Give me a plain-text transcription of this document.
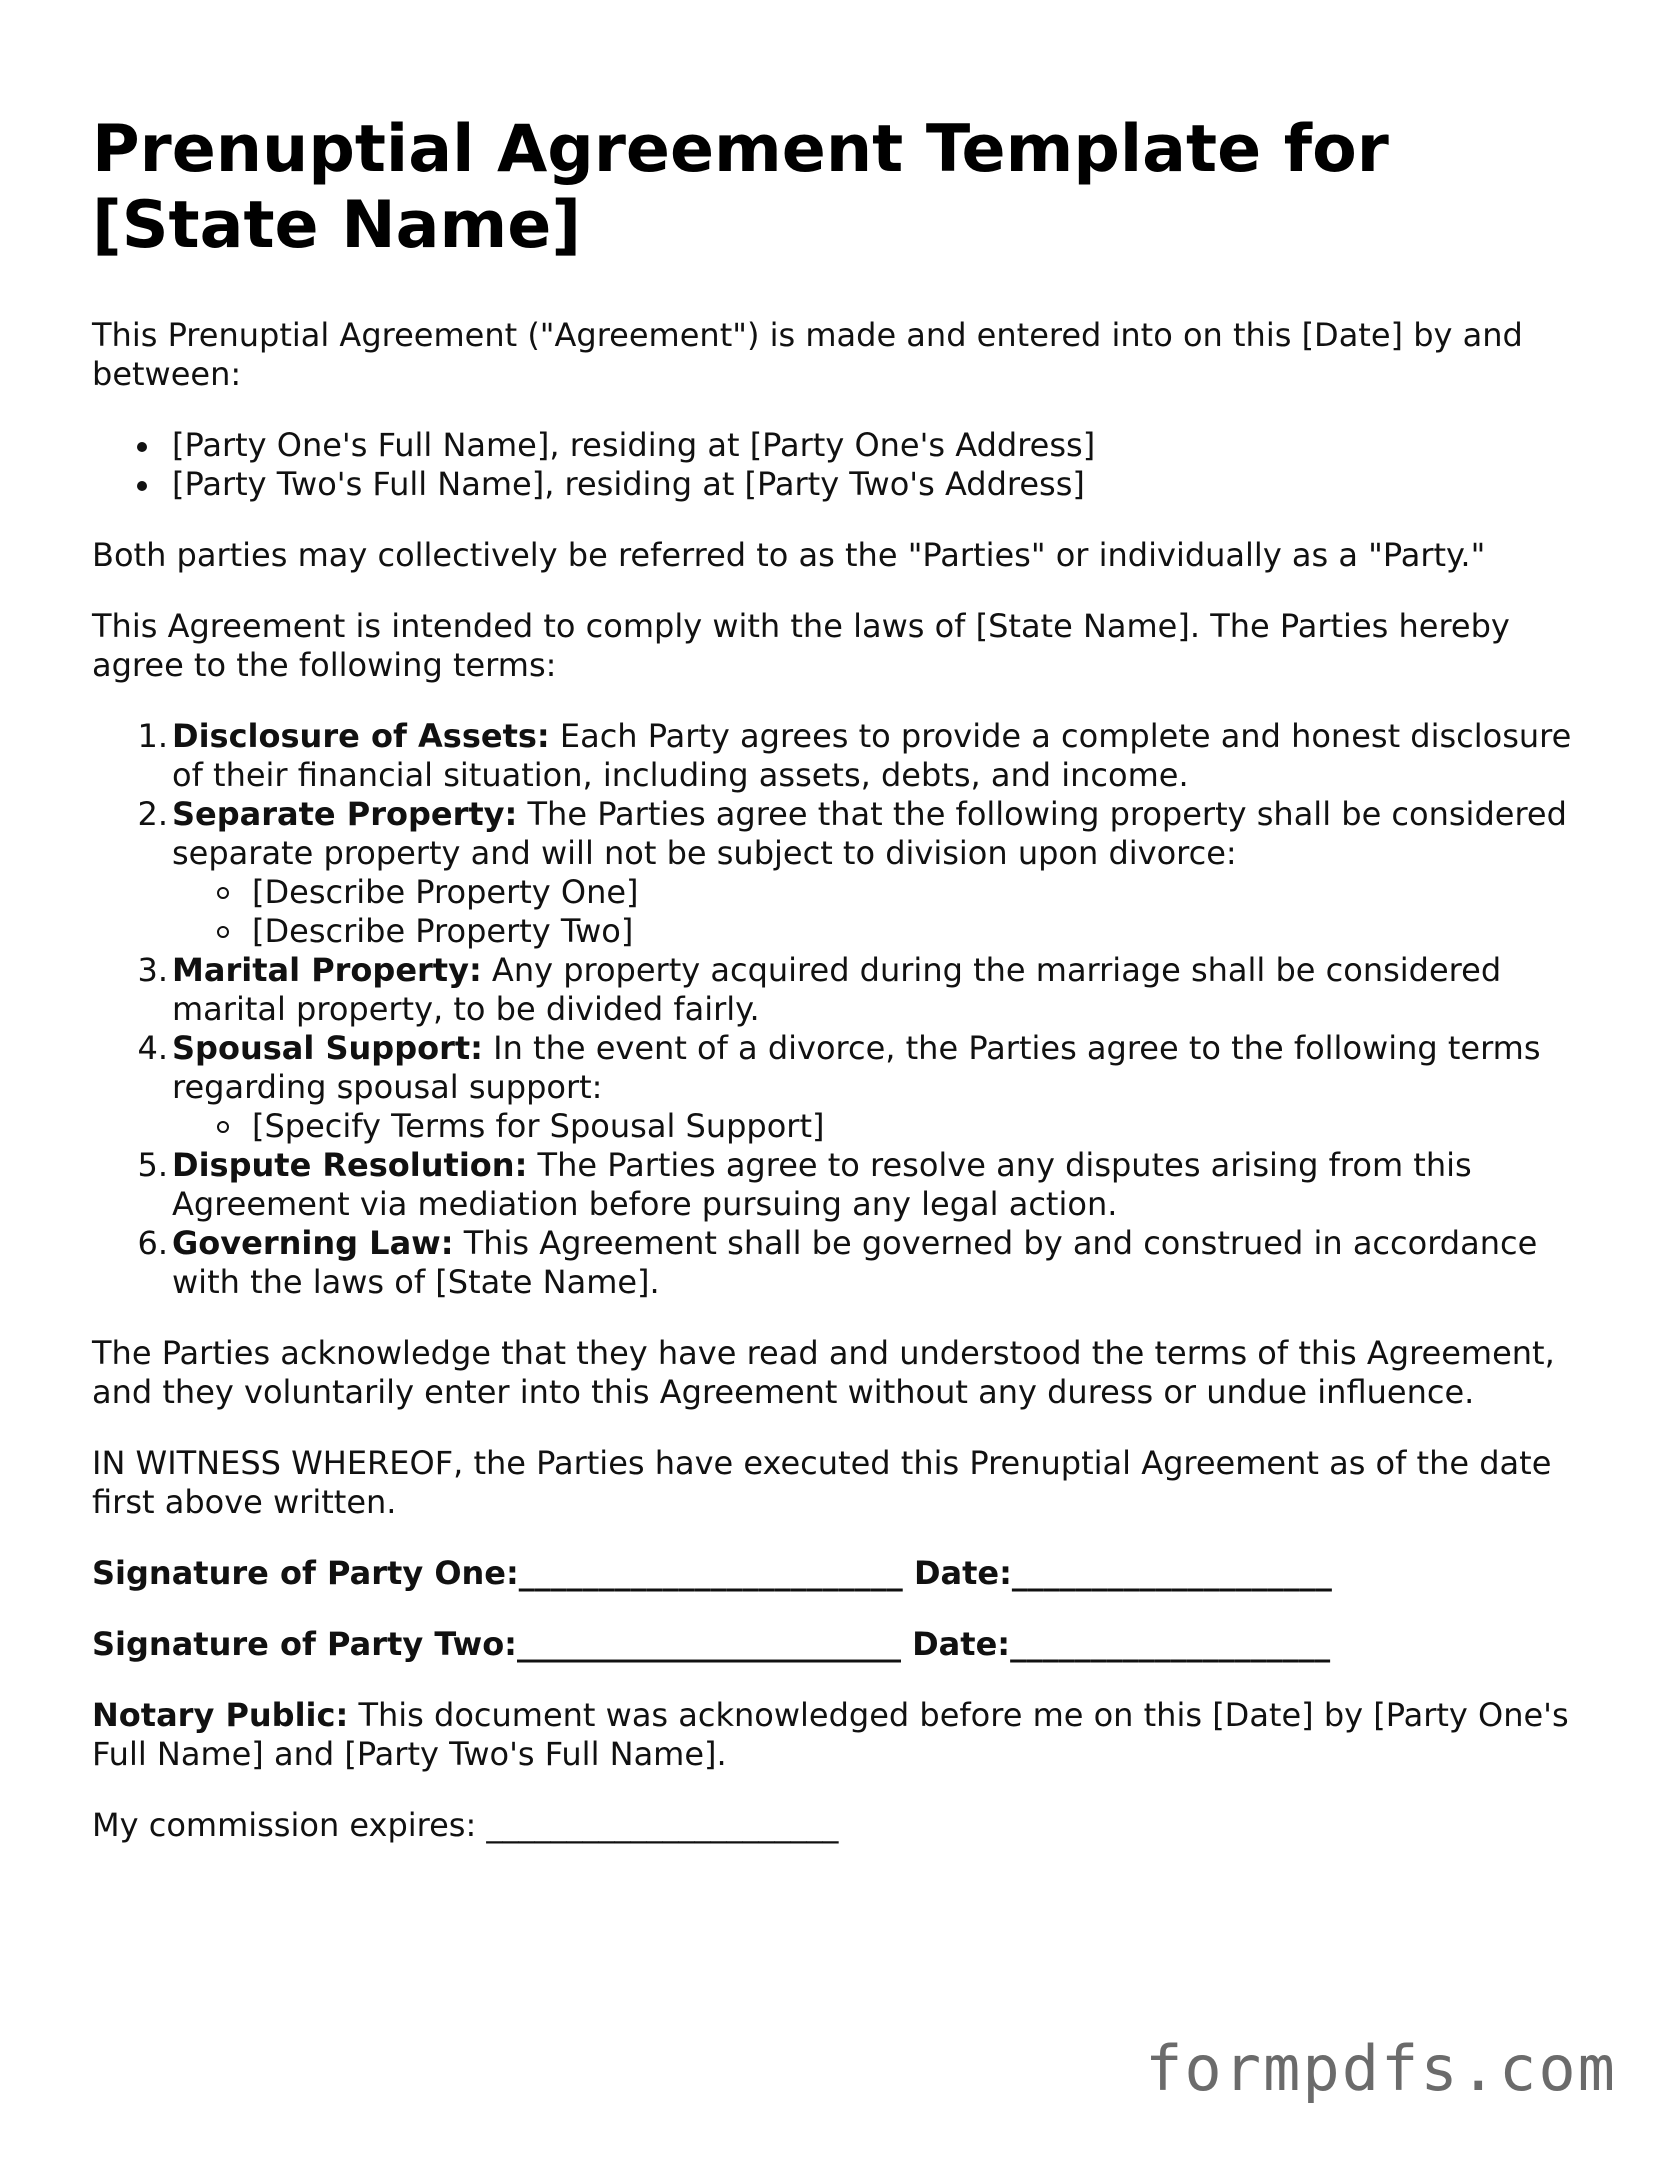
Prenuptial Agreement Template for [State Name]

This Prenuptial Agreement ("Agreement") is made and entered into on this [Date] by and between:

[Party One's Full Name], residing at [Party One's Address]
[Party Two's Full Name], residing at [Party Two's Address]

Both parties may collectively be referred to as the "Parties" or individually as a "Party."

This Agreement is intended to comply with the laws of [State Name]. The Parties hereby agree to the following terms:

1. Disclosure of Assets: Each Party agrees to provide a complete and honest disclosure of their financial situation, including assets, debts, and income.
2. Separate Property: The Parties agree that the following property shall be considered separate property and will not be subject to division upon divorce:
[Describe Property One]
[Describe Property Two]
3. Marital Property: Any property acquired during the marriage shall be considered marital property, to be divided fairly.
4. Spousal Support: In the event of a divorce, the Parties agree to the following terms regarding spousal support:
[Specify Terms for Spousal Support]
5. Dispute Resolution: The Parties agree to resolve any disputes arising from this Agreement via mediation before pursuing any legal action.
6. Governing Law: This Agreement shall be governed by and construed in accordance with the laws of [State Name].

The Parties acknowledge that they have read and understood the terms of this Agreement, and they voluntarily enter into this Agreement without any duress or undue influence.

IN WITNESS WHEREOF, the Parties have executed this Prenuptial Agreement as of the date first above written.

Signature of Party One:________________________ Date:____________________
Signature of Party Two:________________________ Date:____________________

Notary Public: This document was acknowledged before me on this [Date] by [Party One's Full Name] and [Party Two's Full Name].

My commission expires: ______________________
formpdfs.com
